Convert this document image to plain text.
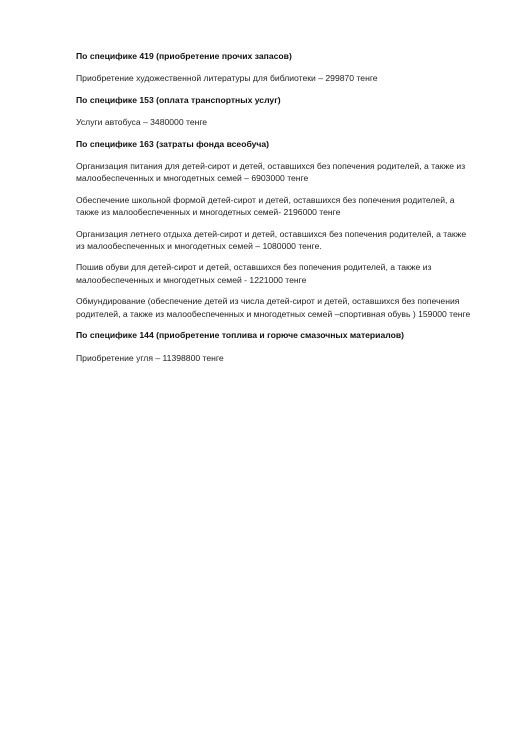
По специфике 419 (приобретение прочих запасов)

Приобретение художественной литературы для библиотеки – 299870 тенге

По специфике 153 (оплата транспортных услуг)

Услуги автобуса – 3480000 тенге

По специфике 163 (затраты фонда всеобуча)

Организация питания для детей-сирот и детей, оставшихся без попечения родителей, а также из
малообеспеченных и многодетных семей – 6903000 тенге

Обеспечение школьной формой детей-сирот и детей, оставшихся без попечения родителей, а
также из малообеспеченных и многодетных семей- 2196000 тенге

Организация летнего отдыха детей-сирот и детей, оставшихся без попечения родителей, а также
из малообеспеченных и многодетных семей – 1080000 тенге.

Пошив обуви для детей-сирот и детей, оставшихся без попечения родителей, а также из
малообеспеченных и многодетных семей - 1221000 тенге

Обмундирование (обеспечение детей из числа детей-сирот и детей, оставшихся без попечения
родителей, а также из малообеспеченных и многодетных семей –спортивная обувь ) 159000 тенге

По специфике 144 (приобретение топлива и горюче смазочных материалов)

Приобретение угля – 11398800 тенге
